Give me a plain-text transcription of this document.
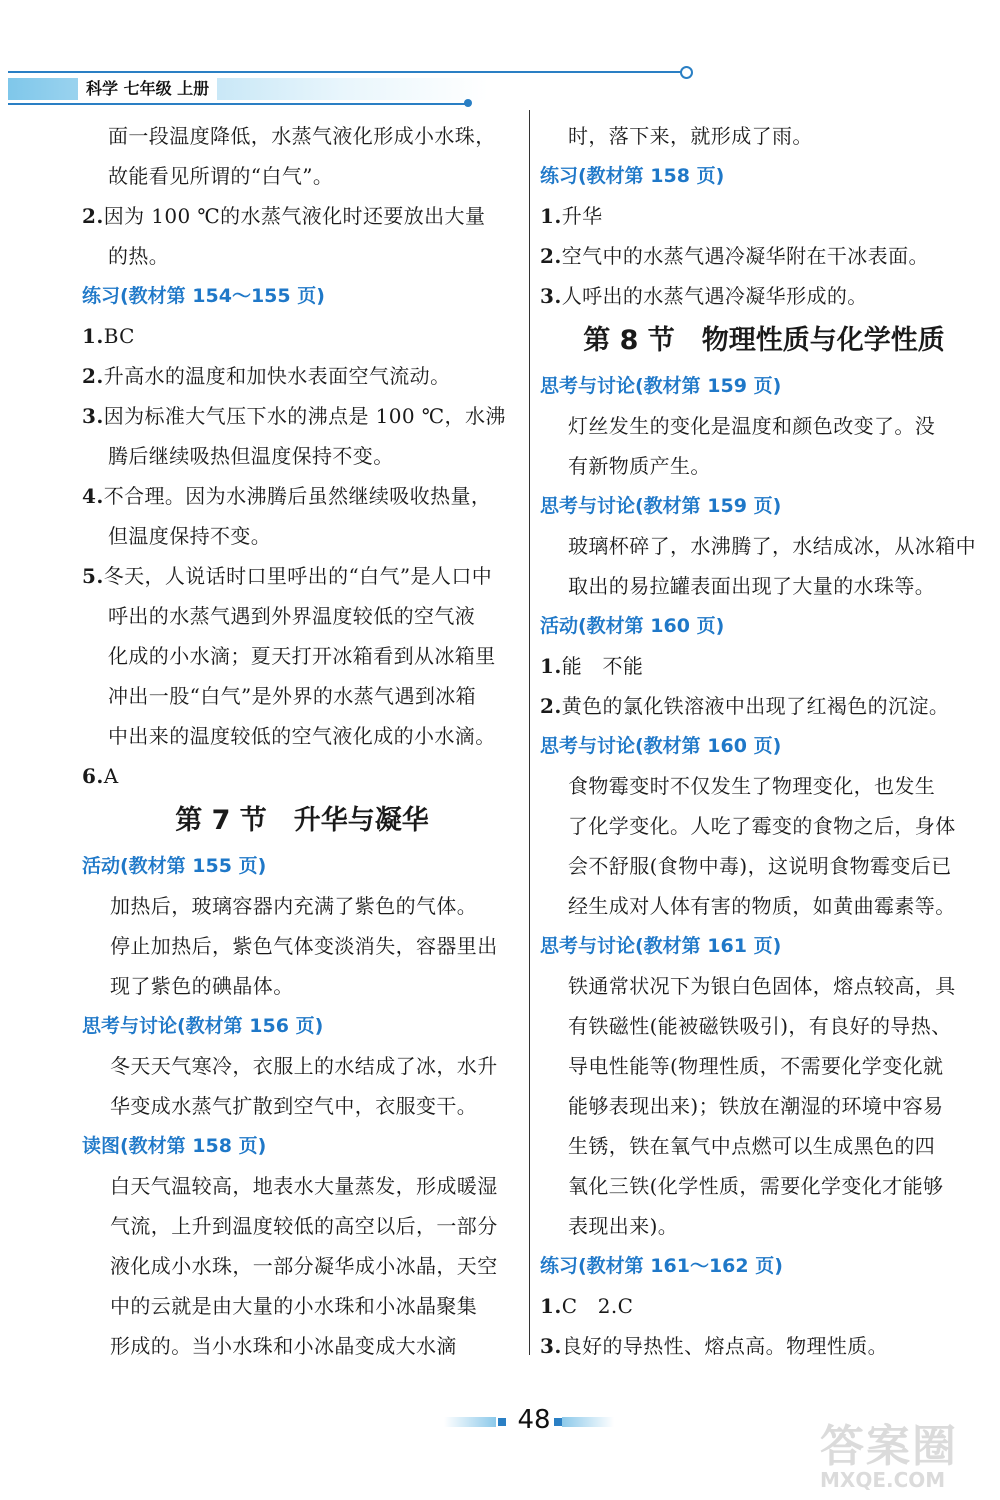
科学 七年级 上册
面一段温度降低，水蒸气液化形成小水珠，
故能看见所谓的“白气”。
2.因为 100 ℃的水蒸气液化时还要放出大量
的热。
练习(教材第 154～155 页)
1.BC
2.升高水的温度和加快水表面空气流动。
3.因为标准大气压下水的沸点是 100 ℃，水沸
腾后继续吸热但温度保持不变。
4.不合理。因为水沸腾后虽然继续吸收热量，
但温度保持不变。
5.冬天，人说话时口里呼出的“白气”是人口中
呼出的水蒸气遇到外界温度较低的空气液
化成的小水滴；夏天打开冰箱看到从冰箱里
冲出一股“白气”是外界的水蒸气遇到冰箱
中出来的温度较低的空气液化成的小水滴。
6.A
第 7 节　升华与凝华
活动(教材第 155 页)
加热后，玻璃容器内充满了紫色的气体。
停止加热后，紫色气体变淡消失，容器里出
现了紫色的碘晶体。
思考与讨论(教材第 156 页)
冬天天气寒冷，衣服上的水结成了冰，水升
华变成水蒸气扩散到空气中，衣服变干。
读图(教材第 158 页)
白天气温较高，地表水大量蒸发，形成暖湿
气流，上升到温度较低的高空以后，一部分
液化成小水珠，一部分凝华成小冰晶，天空
中的云就是由大量的小水珠和小冰晶聚集
形成的。当小水珠和小冰晶变成大水滴
时，落下来，就形成了雨。
练习(教材第 158 页)
1.升华
2.空气中的水蒸气遇冷凝华附在干冰表面。
3.人呼出的水蒸气遇冷凝华形成的。
第 8 节　物理性质与化学性质
思考与讨论(教材第 159 页)
灯丝发生的变化是温度和颜色改变了。没
有新物质产生。
思考与讨论(教材第 159 页)
玻璃杯碎了，水沸腾了，水结成冰，从冰箱中
取出的易拉罐表面出现了大量的水珠等。
活动(教材第 160 页)
1.能　不能
2.黄色的氯化铁溶液中出现了红褐色的沉淀。
思考与讨论(教材第 160 页)
食物霉变时不仅发生了物理变化，也发生
了化学变化。人吃了霉变的食物之后，身体
会不舒服(食物中毒)，这说明食物霉变后已
经生成对人体有害的物质，如黄曲霉素等。
思考与讨论(教材第 161 页)
铁通常状况下为银白色固体，熔点较高，具
有铁磁性(能被磁铁吸引)，有良好的导热、
导电性能等(物理性质，不需要化学变化就
能够表现出来)；铁放在潮湿的环境中容易
生锈，铁在氧气中点燃可以生成黑色的四
氧化三铁(化学性质，需要化学变化才能够
表现出来)。
练习(教材第 161～162 页)
1.C　2.C
3.良好的导热性、熔点高。物理性质。
48
答案圈
MXQE.COM
